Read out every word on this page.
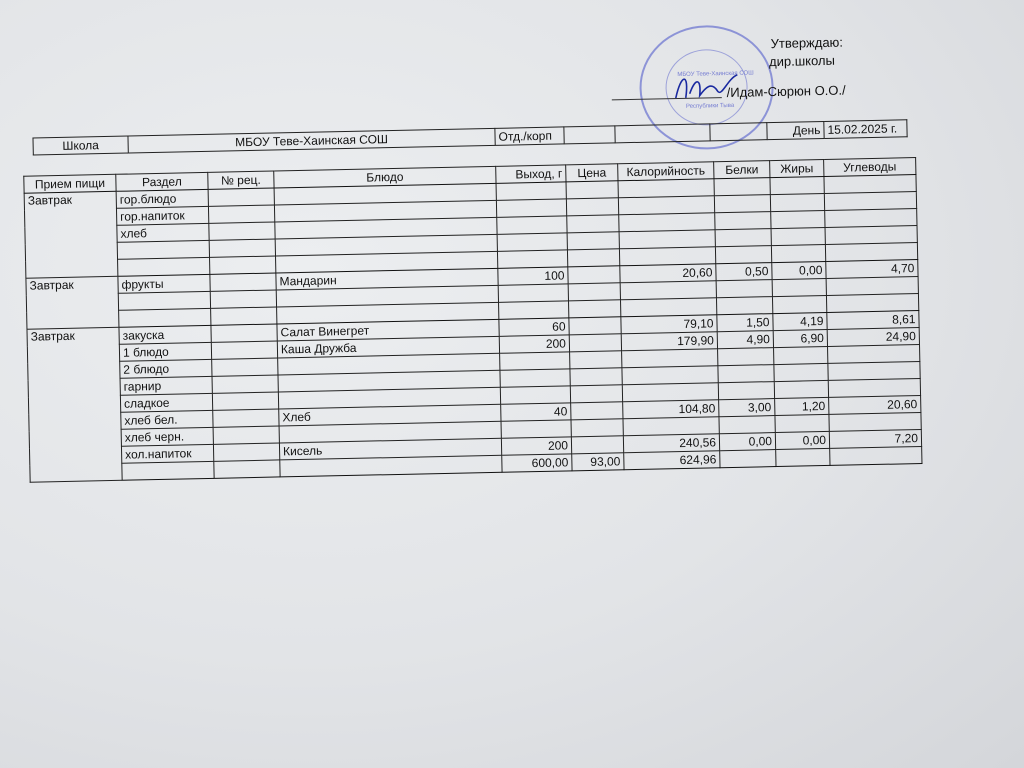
МБОУ Теве-Хаинская СОШ
Республики Тыва
Утверждаю:
дир.школы
/Идам-Сюрюн О.О./
Школа	МБОУ Теве-Хаинская СОШ	Отд./корп				День	15.02.2025 г.
Прием пищи	Раздел	№ рец.	Блюдо	Выход, г	Цена	Калорийность	Белки	Жиры	Углеводы
Завтрак	гор.блюдо								
	гор.напиток								
	хлеб								

Завтрак	фрукты		Мандарин	100		20,60	0,50	0,00	4,70

Завтрак	закуска		Салат Винегрет	60		79,10	1,50	4,19	8,61
	1 блюдо		Каша Дружба	200		179,90	4,90	6,90	24,90
	2 блюдо								
	гарнир								
	сладкое								
	хлеб бел.		Хлеб	40		104,80	3,00	1,20	20,60
	хлеб черн.								
	хол.напиток		Кисель	200		240,56	0,00	0,00	7,20
				600,00	93,00	624,96			
